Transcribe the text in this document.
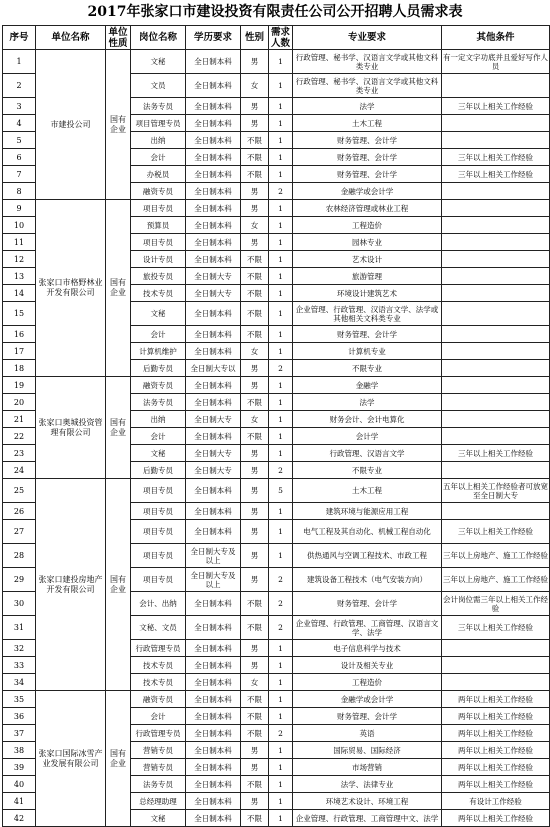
2017年张家口市建设投资有限责任公司公开招聘人员需求表
序号	单位名称	单位性质	岗位名称	学历要求	性别	需求人数	专业要求	其他条件
1	市建投公司	国有企业	文秘	全日制本科	男	1	行政管理、秘书学、汉语言文学或其他文科类专业	有一定文字功底并且爱好写作人员
2			文员	全日制本科	女	1	行政管理、秘书学、汉语言文学或其他文科类专业	
3			法务专员	全日制本科	男	1	法学	三年以上相关工作经验
4			项目管理专员	全日制本科	男	1	土木工程	
5			出纳	全日制本科	不限	1	财务管理、会计学	
6			会计	全日制本科	不限	1	财务管理、会计学	三年以上相关工作经验
7			办税员	全日制本科	不限	1	财务管理、会计学	三年以上相关工作经验
8			融资专员	全日制本科	男	2	金融学或会计学	
9	张家口市格野林业开发有限公司	国有企业	项目专员	全日制本科	男	1	农林经济管理或林业工程	
10			预算员	全日制本科	女	1	工程造价	
11			项目专员	全日制本科	男	1	园林专业	
12			设计专员	全日制本科	不限	1	艺术设计	
13			旅投专员	全日制大专	不限	1	旅游管理	
14			技术专员	全日制大专	不限	1	环境设计建筑艺术	
15			文秘	全日制本科	不限	1	企业管理、行政管理、汉语言文学、法学或其他相关文科类专业	
16			会计	全日制本科	不限	1	财务管理、会计学	
17			计算机维护	全日制本科	女	1	计算机专业	
18			后勤专员	全日制大专以	男	2	不限专业	
19	张家口奥城投资管理有限公司	国有企业	融资专员	全日制本科	男	1	金融学	
20			法务专员	全日制本科	不限	1	法学	
21			出纳	全日制大专	女	1	财务会计、会计电算化	
22			会计	全日制本科	不限	1	会计学	
23			文秘	全日制大专	男	1	行政管理、汉语言文学	三年以上相关工作经验
24			后勤专员	全日制大专	男	2	不限专业	
25	张家口建投房地产开发有限公司	国有企业	项目专员	全日制本科	男	5	土木工程	五年以上相关工作经验者可放宽至全日制大专
26			项目专员	全日制本科	男	1	建筑环境与能源应用工程	
27			项目专员	全日制本科	男	1	电气工程及其自动化、机械工程自动化	三年以上相关工作经验
28			项目专员	全日制大专及以上	男	1	供热通风与空调工程技术、市政工程	三年以上房地产、施工工作经验
29			项目专员	全日制大专及以上	男	2	建筑设备工程技术（电气安装方向）	三年以上房地产、施工工作经验
30			会计、出纳	全日制本科	不限	2	财务管理、会计学	会计岗位需三年以上相关工作经验
31			文秘、文员	全日制本科	不限	2	企业管理、行政管理、工商管理、汉语言文学、法学	三年以上相关工作经验
32			行政管理专员	全日制本科	男	1	电子信息科学与技术	
33			技术专员	全日制本科	男	1	设计及相关专业	
34			技术专员	全日制本科	女	1	工程造价	
35	张家口国际冰雪产业发展有限公司	国有企业	融资专员	全日制本科	不限	1	金融学或会计学	两年以上相关工作经验
36			会计	全日制本科	不限	1	财务管理、会计学	两年以上相关工作经验
37			行政管理专员	全日制本科	不限	2	英语	两年以上相关工作经验
38			营销专员	全日制本科	男	1	国际贸易、国际经济	两年以上相关工作经验
39			营销专员	全日制本科	男	1	市场营销	两年以上相关工作经验
40			法务专员	全日制本科	不限	1	法学、法律专业	两年以上相关工作经验
41			总经理助理	全日制本科	男	1	环境艺术设计、环境工程	有设计工作经验
42			文秘	全日制本科	不限	1	企业管理、行政管理、工商管理中文、法学	两年以上相关工作经验
